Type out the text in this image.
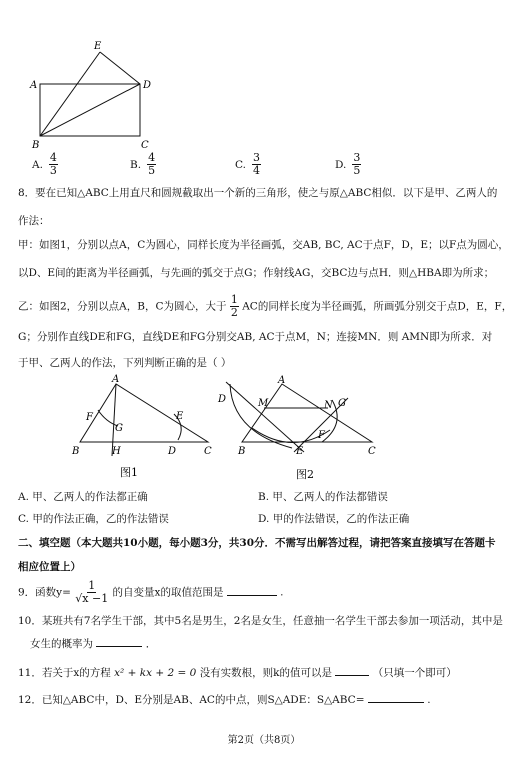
E
A	D
B	C
A. $\frac{4}{3}$	B. $\frac{4}{5}$	C. $\frac{3}{4}$	D. $\frac{3}{5}$
8．要在已知△ABC上用直尺和圆规截取出一个新的三角形，使之与原△ABC相似．以下是甲、乙两人的
作法：
甲：如图1，分别以点A，C为圆心，同样长度为半径画弧，交AB, BC, AC于点F，D，E；以F点为圆心，
以D、E间的距离为半径画弧，与先画的弧交于点G；作射线AG，交BC边与点H．则△HBA即为所求；
乙：如图2，分别以点A，B，C为圆心，大于 $\frac{1}{2}$ AC的同样长度为半径画弧，所画弧分别交于点D，E，F，
G；分别作直线DE和FG，直线DE和FG分别交AB, AC于点M，N；连接MN．则 AMN即为所求．对
于甲、乙两人的作法，下列判断正确的是（ ）
A
F
G
E
B	H	D	C
图1
A
D	M	N G
F
E
B	C
图2
A. 甲、乙两人的作法都正确	B. 甲、乙两人的作法都错误
C. 甲的作法正确，乙的作法错误	D. 甲的作法错误，乙的作法正确
二、填空题（本大题共10小题，每小题3分，共30分．不需写出解答过程，请把答案直接填写在答题卡
相应位置上）
9．函数$y= \frac{1}{√x -1}$ 的自变量x的取值范围是	.
10．某班共有7名学生干部，其中5名是男生，2名是女生，任意抽一名学生干部去参加一项活动，其中是
女生的概率为	．
11．若关于x的方程 x² + kx + 2 = 0 没有实数根，则k的值可以是	（只填一个即可）
12．已知△ABC中，D、E分别是AB、AC的中点，则S△ADE：S△ABC=	.
第2页（共8页）
